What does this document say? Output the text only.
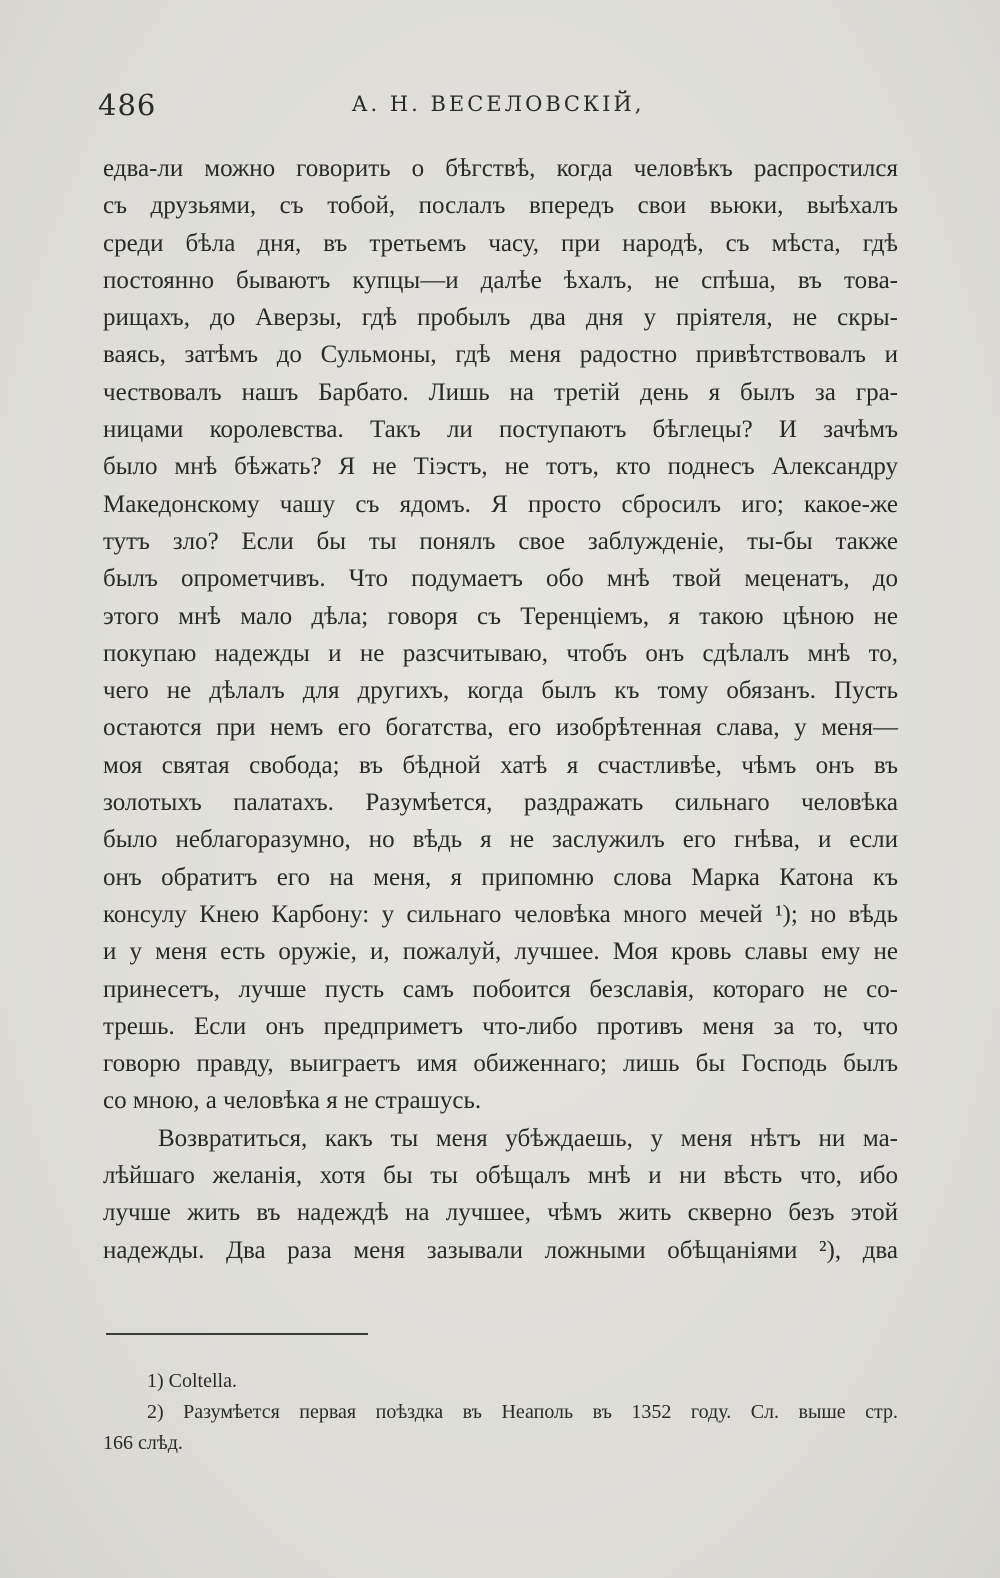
486	А. Н. ВЕСЕЛОВСКІЙ,
едва-ли можно говорить о бѣгствѣ, когда человѣкъ распростился
съ друзьями, съ тобой, послалъ впередъ свои вьюки, выѣхалъ
среди бѣла дня, въ третьемъ часу, при народѣ, съ мѣста, гдѣ
постоянно бываютъ купцы—и далѣе ѣхалъ, не спѣша, въ това-
рищахъ, до Аверзы, гдѣ пробылъ два дня у пріятеля, не скры-
ваясь, затѣмъ до Сульмоны, гдѣ меня радостно привѣтствовалъ и
чествовалъ нашъ Барбато. Лишь на третій день я былъ за гра-
ницами королевства. Такъ ли поступаютъ бѣглецы? И зачѣмъ
было мнѣ бѣжать? Я не Тіэстъ, не тотъ, кто поднесъ Александру
Македонскому чашу съ ядомъ. Я просто сбросилъ иго; какое-же
тутъ зло? Если бы ты понялъ свое заблужденіе, ты-бы также
былъ опрометчивъ. Что подумаетъ обо мнѣ твой меценатъ, до
этого мнѣ мало дѣла; говоря съ Теренціемъ, я такою цѣною не
покупаю надежды и не разсчитываю, чтобъ онъ сдѣлалъ мнѣ то,
чего не дѣлалъ для другихъ, когда былъ къ тому обязанъ. Пусть
остаются при немъ его богатства, его изобрѣтенная слава, у меня—
моя святая свобода; въ бѣдной хатѣ я счастливѣе, чѣмъ онъ въ
золотыхъ палатахъ. Разумѣется, раздражать сильнаго человѣка
было неблагоразумно, но вѣдь я не заслужилъ его гнѣва, и если
онъ обратитъ его на меня, я припомню слова Марка Катона къ
консулу Кнею Карбону: у сильнаго человѣка много мечей ¹); но вѣдь
и у меня есть оружіе, и, пожалуй, лучшее. Моя кровь славы ему не
принесетъ, лучше пусть самъ побоится безславія, котораго не со-
трешь. Если онъ предприметъ что-либо противъ меня за то, что
говорю правду, выиграетъ имя обиженнаго; лишь бы Господь былъ
со мною, а человѣка я не страшусь.
Возвратиться, какъ ты меня убѣждаешь, у меня нѣтъ ни ма-
лѣйшаго желанія, хотя бы ты обѣщалъ мнѣ и ни вѣсть что, ибо
лучше жить въ надеждѣ на лучшее, чѣмъ жить скверно безъ этой
надежды. Два раза меня зазывали ложными обѣщаніями ²), два
1) Coltella.
2) Разумѣется первая поѣздка въ Неаполь въ 1352 году. Сл. выше стр.
166 слѣд.
